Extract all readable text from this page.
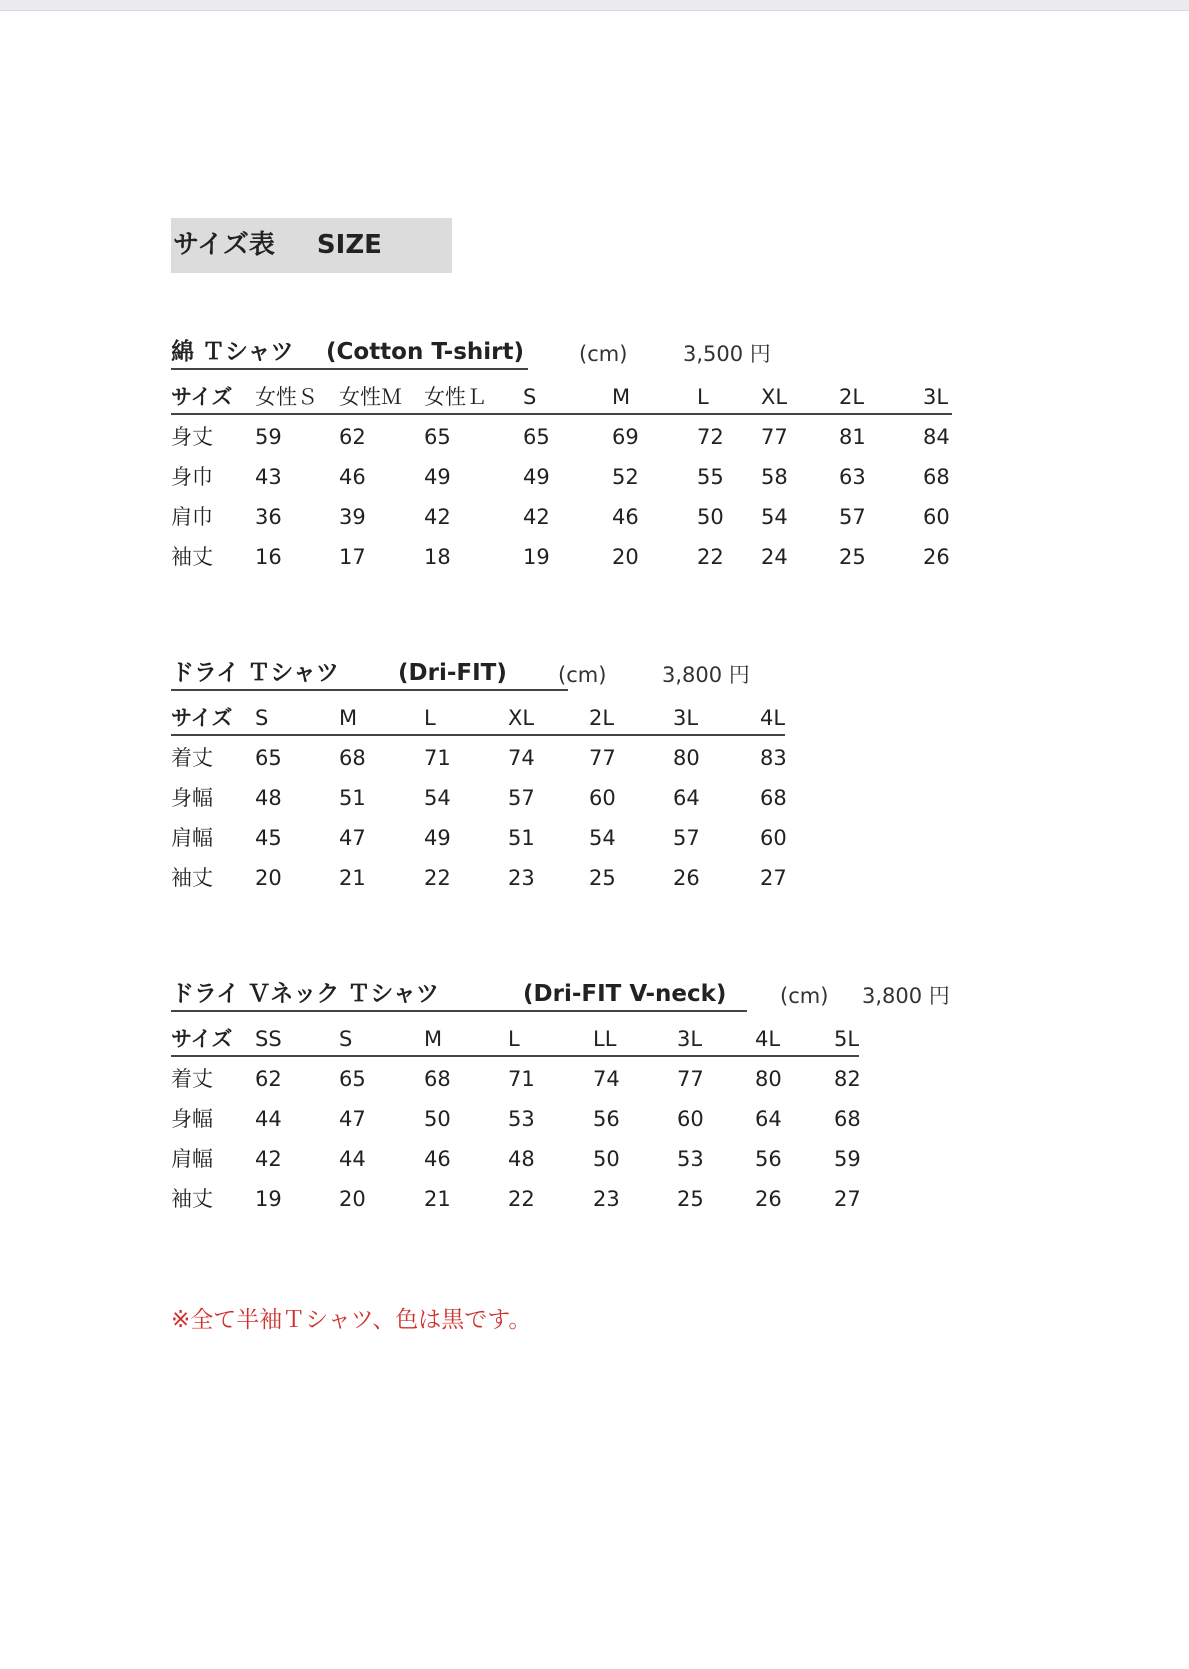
サイズ表 SIZE
※全て半袖Ｔシャツ、色は黒です。
綿 Ｔシャツ (Cotton T-shirt)	(cm)	3,500 円
サイズ 女性Ｓ 女性Ｍ 女性Ｌ S	M	L XL 2L	3L
身丈 59	62	65	65	69	72 77 81	84
身巾 43	46	49	49	52	55 58 63	68
肩巾 36	39	42	42	46	50 54 57	60
袖丈 16	17	18	19	20	22 24 25	26
ドライ Ｔシャツ	(Dri-FIT) (cm)	3,800 円
サイズ S	M	L	XL	2L	3L	4L
着丈 65	68	71	74	77	80	83
身幅 48	51	54	57	60	64	68
肩幅 45	47	49	51	54	57	60
袖丈 20	21	22	23	25	26	27
ドライ Ｖネック Ｔシャツ	(Dri-FIT V-neck)	(cm) 3,800 円
サイズ SS	S	M	L	LL	3L	4L	5L
着丈 62	65	68	71	74	77 80 82
身幅 44	47	50	53	56	60 64 68
肩幅 42	44	46	48	50	53 56 59
袖丈 19	20	21	22	23	25 26 27
